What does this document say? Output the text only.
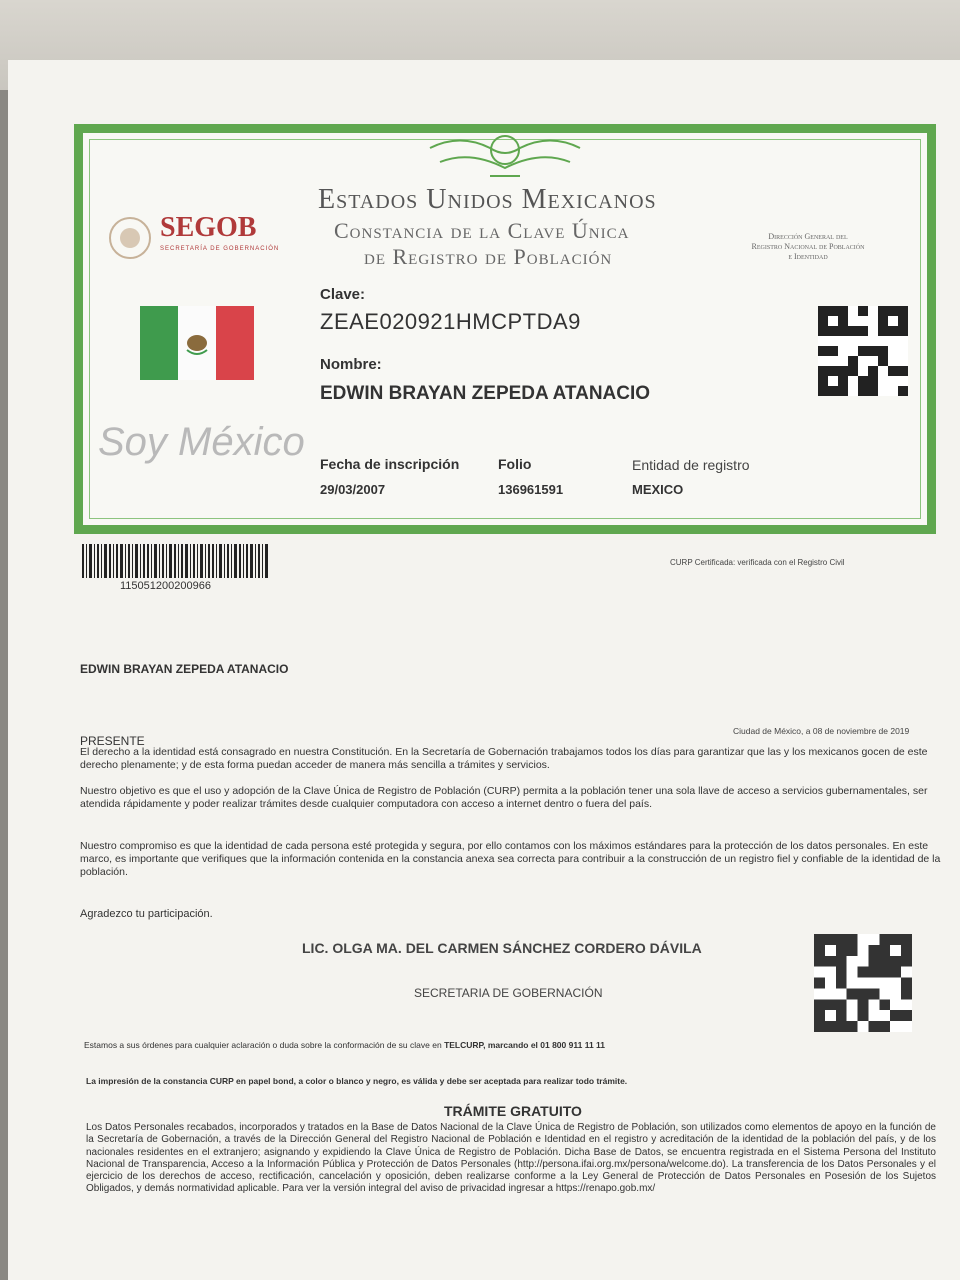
Estados Unidos Mexicanos
Constancia de la Clave Única
de Registro de Población
SEGOB
SECRETARÍA DE GOBERNACIÓN
Dirección General del
Registro Nacional de Población
e Identidad
Soy México
Clave:
ZEAE020921HMCPTDA9
Nombre:
EDWIN BRAYAN ZEPEDA ATANACIO
Fecha de inscripción
29/03/2007
Folio
136961591
Entidad de registro
MEXICO
115051200200966
CURP Certificada: verificada con el Registro Civil
EDWIN BRAYAN ZEPEDA ATANACIO
Ciudad de México, a 08 de noviembre de 2019
PRESENTE
El derecho a la identidad está consagrado en nuestra Constitución. En la Secretaría de Gobernación trabajamos todos los días para garantizar que las y los mexicanos gocen de este derecho plenamente; y de esta forma puedan acceder de manera más sencilla a trámites y servicios.
Nuestro objetivo es que el uso y adopción de la Clave Única de Registro de Población (CURP) permita a la población tener una sola llave de acceso a servicios gubernamentales, ser atendida rápidamente y poder realizar trámites desde cualquier computadora con acceso a internet dentro o fuera del país.
Nuestro compromiso es que la identidad de cada persona esté protegida y segura, por ello contamos con los máximos estándares para la protección de los datos personales. En este marco, es importante que verifiques que la información contenida en la constancia anexa sea correcta para contribuir a la construcción de un registro fiel y confiable de la identidad de la población.
Agradezco tu participación.
LIC. OLGA MA. DEL CARMEN SÁNCHEZ CORDERO DÁVILA
SECRETARIA DE GOBERNACIÓN
Estamos a sus órdenes para cualquier aclaración o duda sobre la conformación de su clave en TELCURP, marcando el 01 800 911 11 11
La impresión de la constancia CURP en papel bond, a color o blanco y negro, es válida y debe ser aceptada para realizar todo trámite.
TRÁMITE GRATUITO
Los Datos Personales recabados, incorporados y tratados en la Base de Datos Nacional de la Clave Única de Registro de Población, son utilizados como elementos de apoyo en la función de la Secretaría de Gobernación, a través de la Dirección General del Registro Nacional de Población e Identidad en el registro y acreditación de la identidad de la población del país, y de los nacionales residentes en el extranjero; asignando y expidiendo la Clave Única de Registro de Población. Dicha Base de Datos, se encuentra registrada en el Sistema Persona del Instituto Nacional de Transparencia, Acceso a la Información Pública y Protección de Datos Personales (http://persona.ifai.org.mx/persona/welcome.do). La transferencia de los Datos Personales y el ejercicio de los derechos de acceso, rectificación, cancelación y oposición, deben realizarse conforme a la Ley General de Protección de Datos Personales en Posesión de los Sujetos Obligados, y demás normatividad aplicable. Para ver la versión integral del aviso de privacidad ingresar a https://renapo.gob.mx/
